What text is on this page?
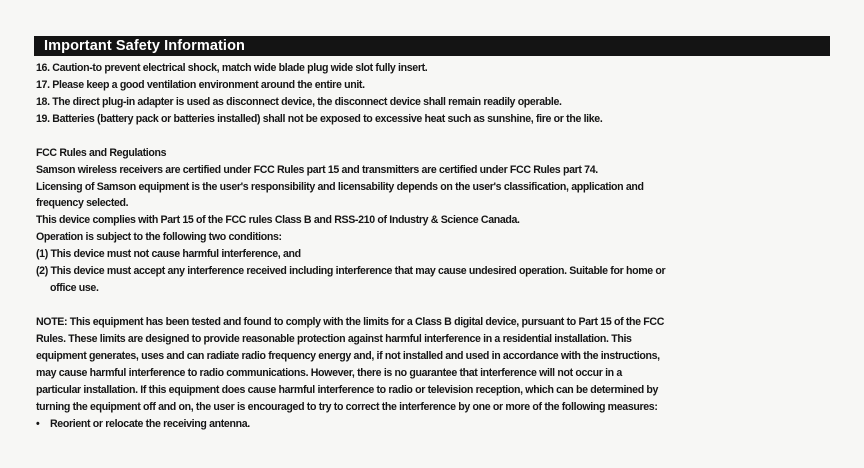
Important Safety Information
16. Caution-to prevent electrical shock, match wide blade plug wide slot fully insert.
17. Please keep a good ventilation environment around the entire unit.
18. The direct plug-in adapter is used as disconnect device, the disconnect device shall remain readily operable.
19. Batteries (battery pack or batteries installed) shall not be exposed to excessive heat such as sunshine, fire or the like.
FCC Rules and Regulations
Samson wireless receivers are certified under FCC Rules part 15 and transmitters are certified under FCC Rules part 74.
Licensing of Samson equipment is the user's responsibility and licensability depends on the user's classification, application and
frequency selected.
This device complies with Part 15 of the FCC rules Class B and RSS-210 of Industry & Science Canada.
Operation is subject to the following two conditions:
(1) This device must not cause harmful interference, and
(2) This device must accept any interference received including interference that may cause undesired operation. Suitable for home or
office use.
NOTE: This equipment has been tested and found to comply with the limits for a Class B digital device, pursuant to Part 15 of the FCC
Rules. These limits are designed to provide reasonable protection against harmful interference in a residential installation. This
equipment generates, uses and can radiate radio frequency energy and, if not installed and used in accordance with the instructions,
may cause harmful interference to radio communications. However, there is no guarantee that interference will not occur in a
particular installation. If this equipment does cause harmful interference to radio or television reception, which can be determined by
turning the equipment off and on, the user is encouraged to try to correct the interference by one or more of the following measures:
• Reorient or relocate the receiving antenna.
